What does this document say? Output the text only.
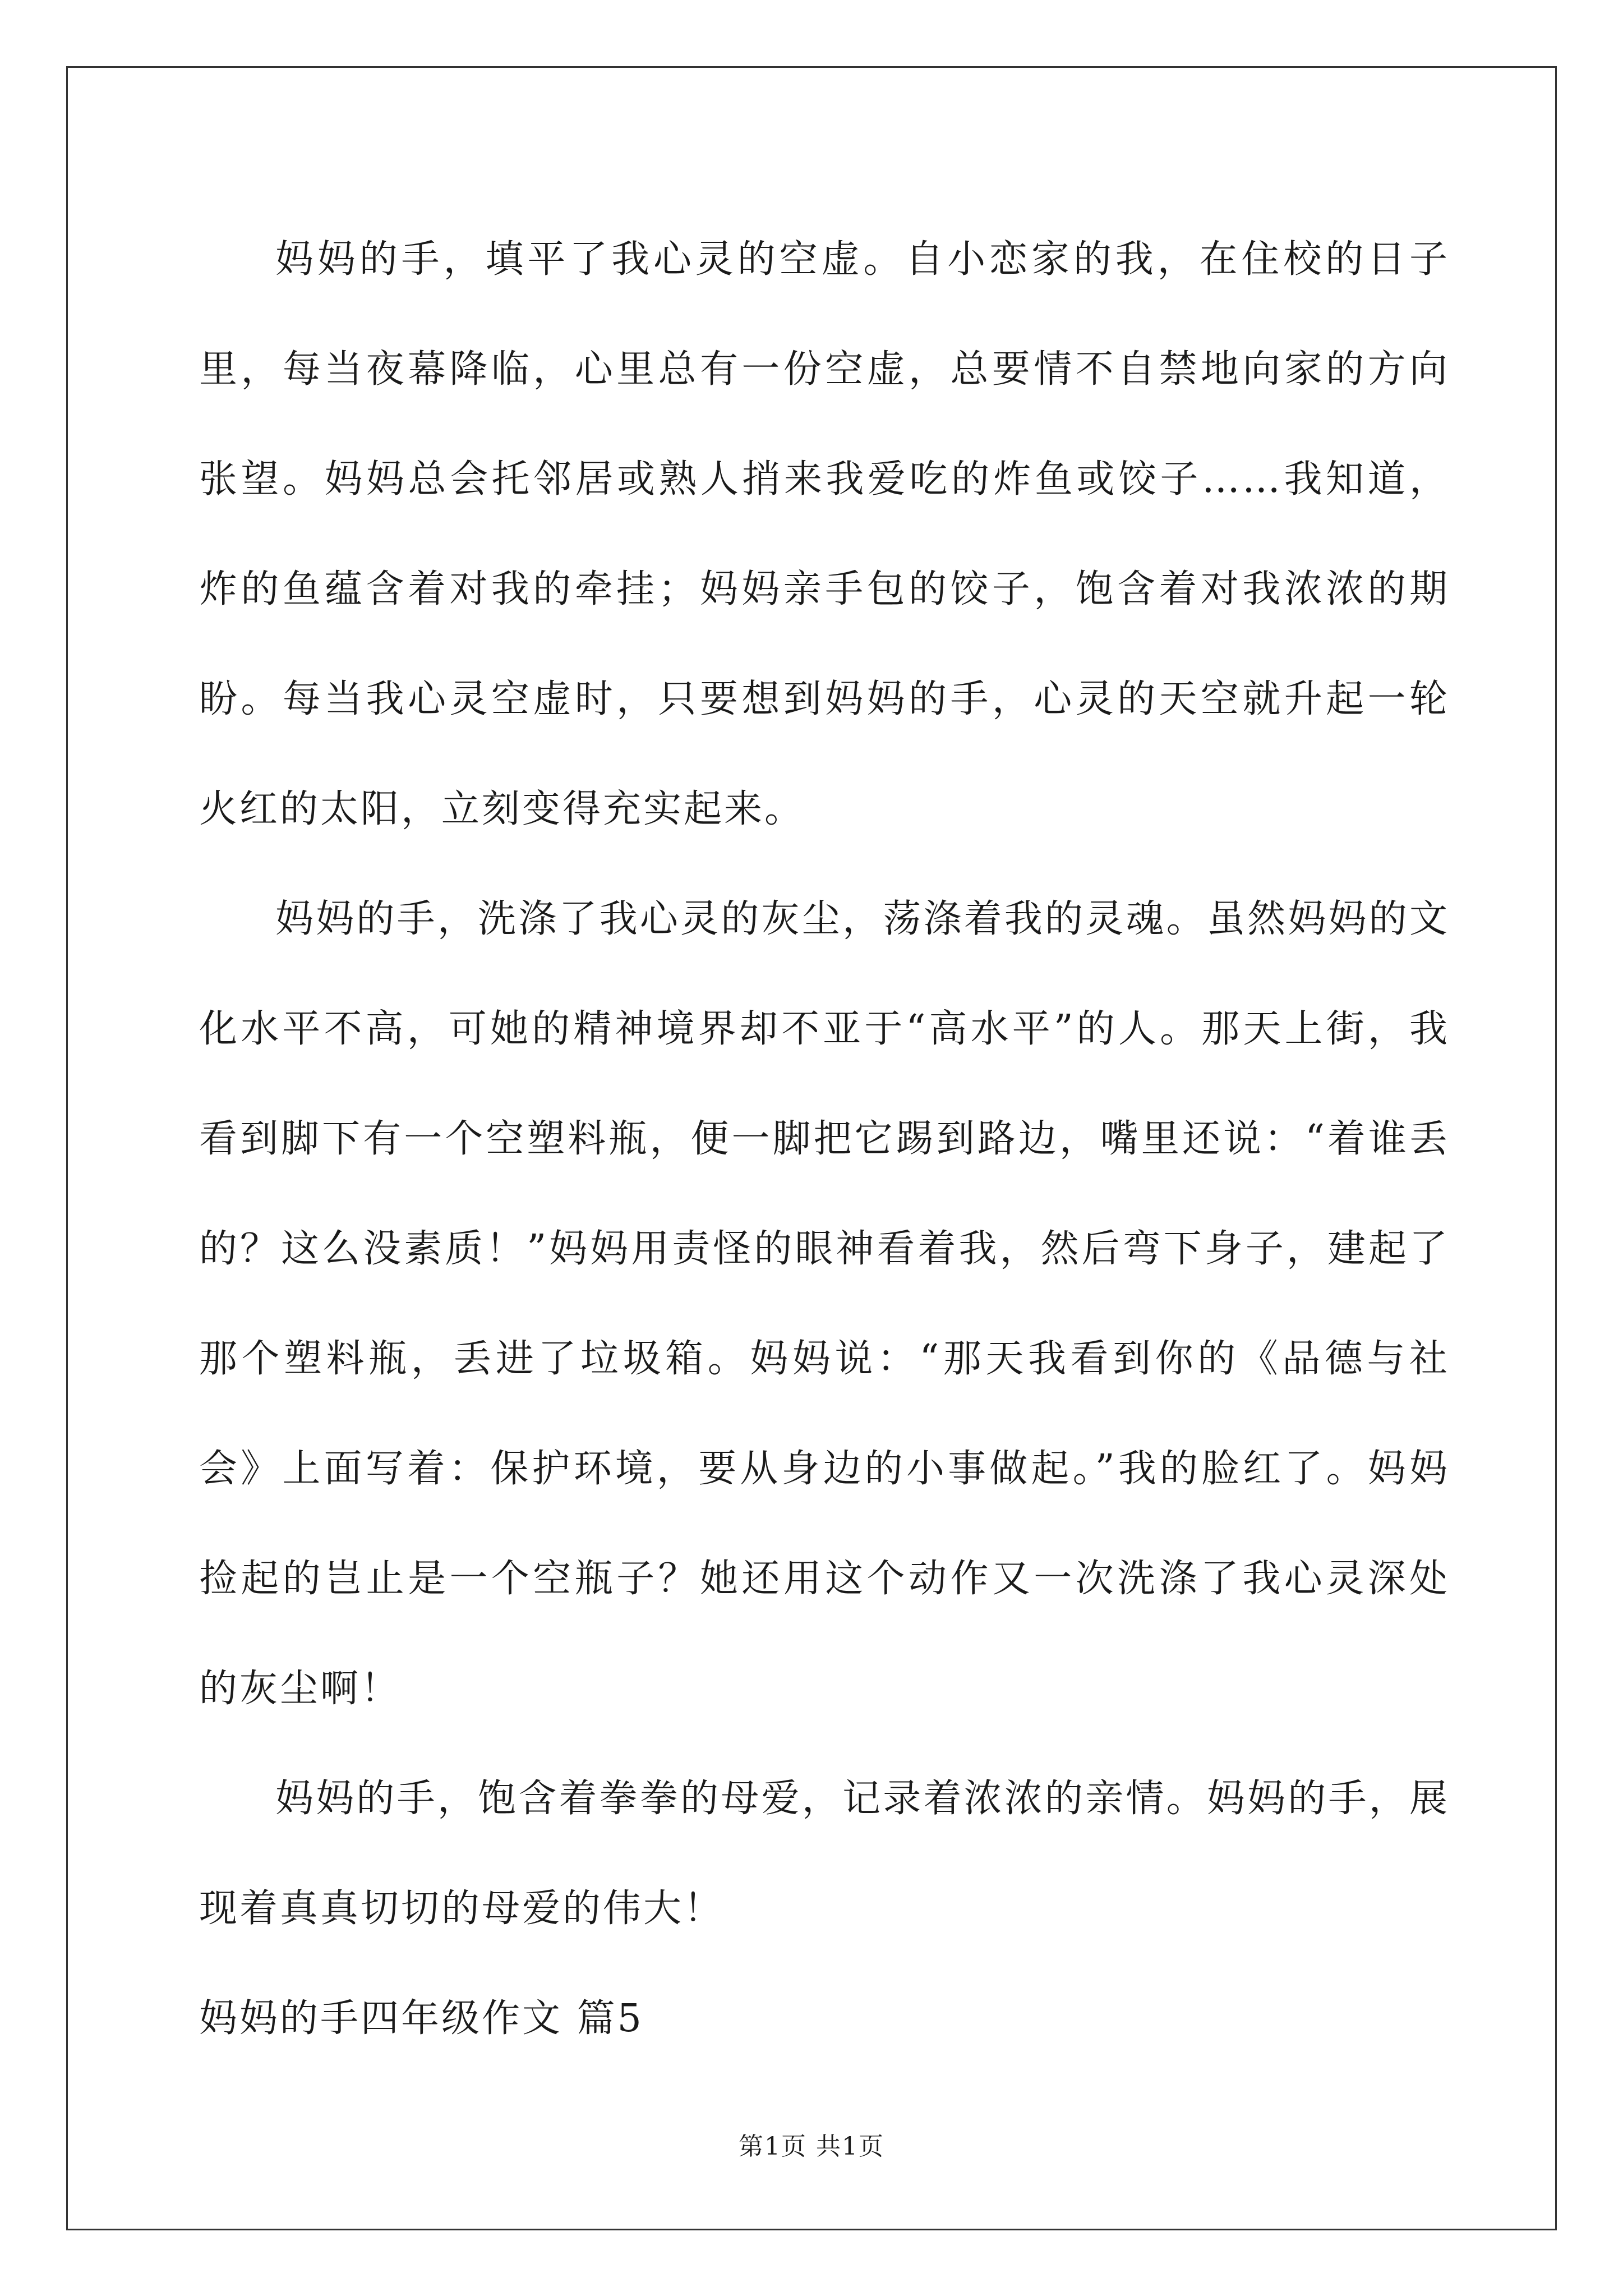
妈妈的手，填平了我心灵的空虚。自小恋家的我，在住校的日子里，每当夜幕降临，心里总有一份空虚，总要情不自禁地向家的方向张望。妈妈总会托邻居或熟人捎来我爱吃的炸鱼或饺子……我知道，炸的鱼蕴含着对我的牵挂；妈妈亲手包的饺子，饱含着对我浓浓的期盼。每当我心灵空虚时，只要想到妈妈的手，心灵的天空就升起一轮火红的太阳，立刻变得充实起来。

妈妈的手，洗涤了我心灵的灰尘，荡涤着我的灵魂。虽然妈妈的文化水平不高，可她的精神境界却不亚于“高水平”的人。那天上街，我看到脚下有一个空塑料瓶，便一脚把它踢到路边，嘴里还说：“着谁丢的？这么没素质！”妈妈用责怪的眼神看着我，然后弯下身子，建起了那个塑料瓶，丢进了垃圾箱。妈妈说：“那天我看到你的《品德与社会》上面写着：保护环境，要从身边的小事做起。”我的脸红了。妈妈捡起的岂止是一个空瓶子？她还用这个动作又一次洗涤了我心灵深处的灰尘啊！

妈妈的手，饱含着拳拳的母爱，记录着浓浓的亲情。妈妈的手，展现着真真切切的母爱的伟大！

妈妈的手四年级作文 篇5

第1页 共1页
